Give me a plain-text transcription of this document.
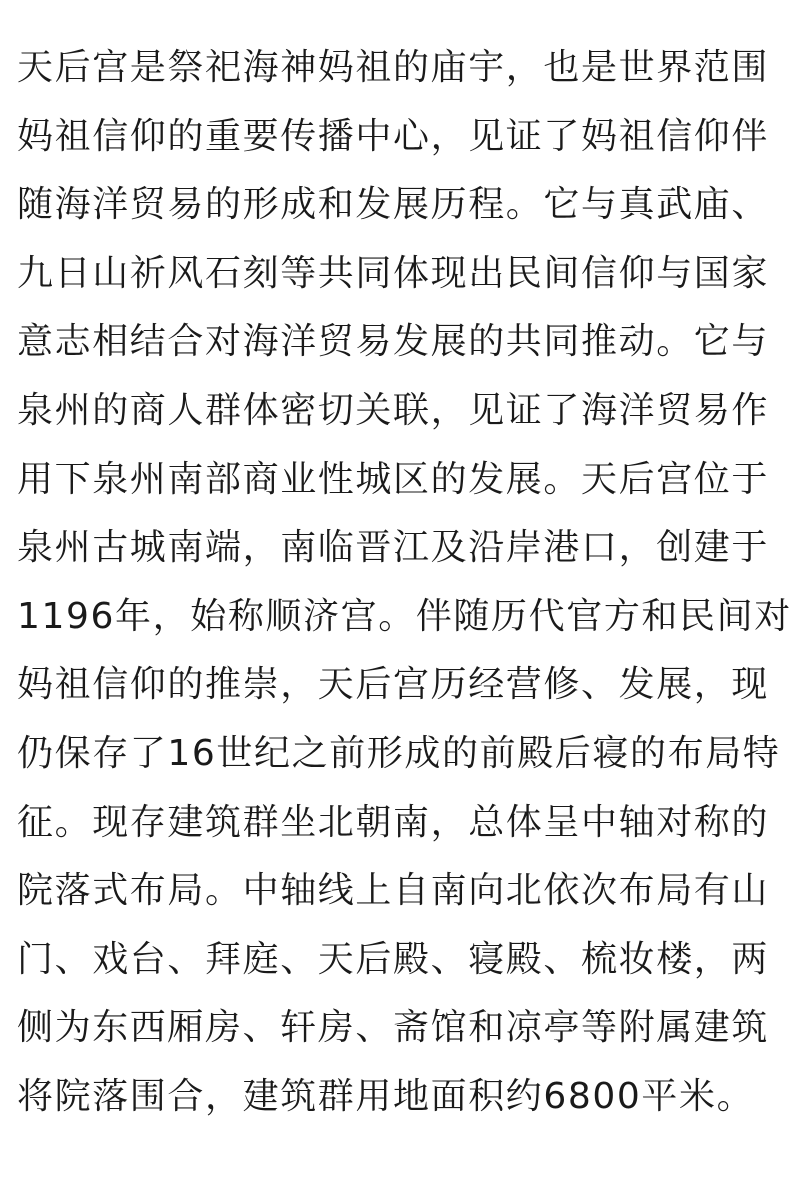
天后宫是祭祀海神妈祖的庙宇，也是世界范围
妈祖信仰的重要传播中心，见证了妈祖信仰伴
随海洋贸易的形成和发展历程。它与真武庙、
九日山祈风石刻等共同体现出民间信仰与国家
意志相结合对海洋贸易发展的共同推动。它与
泉州的商人群体密切关联，见证了海洋贸易作
用下泉州南部商业性城区的发展。天后宫位于
泉州古城南端，南临晋江及沿岸港口，创建于
1196年，始称顺济宫。伴随历代官方和民间对
妈祖信仰的推崇，天后宫历经营修、发展，现
仍保存了16世纪之前形成的前殿后寝的布局特
征。现存建筑群坐北朝南，总体呈中轴对称的
院落式布局。中轴线上自南向北依次布局有山
门、戏台、拜庭、天后殿、寝殿、梳妆楼，两
侧为东西厢房、轩房、斋馆和凉亭等附属建筑
将院落围合，建筑群用地面积约6800平米。
